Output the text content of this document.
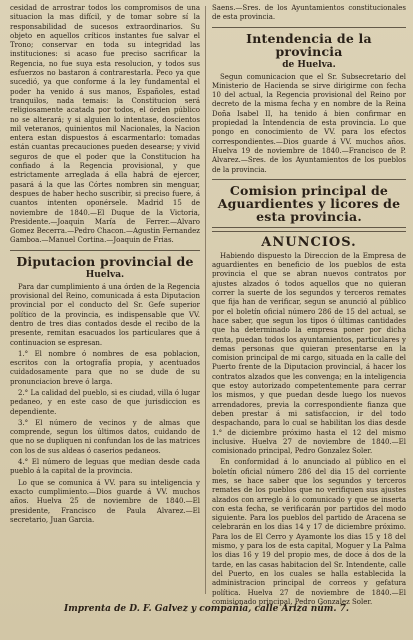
cesidad de arrostrar todos los compromisos de una situacion la mas difícil, y de tomar sobre sí la responsabilidad de sucesos extraordinarios. Su objeto en aquellos críticos instantes fue salvar el Trono; conservar en toda su integridad las instituciones: si acaso fue preciso sacrificar la Regencia, no fue suya esta resolucion, y todos sus esfuerzos no bastaron á contrarestarla. Peco ya que sucedió, ya que conforme á la ley fundamental el poder ha venido á sus manos, Españoles, estad tranquilos, nada temais: la Constitucion será religiosamente acatada por todos, el órden público no se alterará; y si alguien lo intentase, doscientos mil veteranos, quinientos mil Nacionales, la Nacion entera estan dispuestos á escarmentarlo: tomadas están cuantas precauciones pueden desearse; y vivid seguros de que el poder que la Constitucion ha confiado á la Regencia provisional, y que estrictamente arreglada á ella habrá de ejercer, pasará á la que las Córtes nombren sin menguar, despues de haber hecho suscribir, si preciso fuere, á cuantos intenten oponérsele. Madrid 15 de noviembre de 1840.—El Duque de la Victoria, Presidente.—Joaquin María de Ferrer.—Alvaro Gomez Becerra.—Pedro Chacon.—Agustin Fernandez Gamboa.—Manuel Cortina.—Joaquin de Frias.

Diputacion provincial de
Huelva.

Para dar cumplimiento á una órden de la Regencia provisional del Reino, comunicada á esta Diputacion provincial por el conducto del Sr. Gefe superior político de la provincia, es indispensable que VV. dentro de tres dias contados desde el recibo de la presente, remitan esacuados los particulares que á continuacion se espresan.

1.° El nombre ó nombres de esa poblacion, escritos con la ortografía propia, y acentuados cuidadosamente para que no se dude de su pronunciacion breve ó larga.

2.° La calidad del pueblo, si es ciudad, villa ó lugar pedaneo, y en este caso de que jurisdiccion es dependiente.

3.° El número de vecinos y de almas que comprende, segun los últimos datos, cuidando de que no se dupliquen ni confundan los de las matrices con los de sus aldeas ó caserios pedaneos.

4.° El número de leguas que median desde cada pueblo á la capital de la provincia.

Lo que se comunica á VV. para su inteligencia y exacto cumplimiento.—Dios guarde á VV. muchos años. Huelva 25 de noviembre de 1840.—El presidente, Francisco de Paula Alvarez.—El secretario, Juan Garcia.

Saens.—Sres. de los Ayuntamientos constitucionales de esta provincia.

Intendencia de la provincia
de Huelva.

Segun comunicacion que el Sr. Subsecretario del Ministerio de Hacienda se sirve dirigirme con fecha 10 del actual, la Regencia provisional del Reino por decreto de la misma fecha y en nombre de la Reina Doña Isabel II, ha tenido á bien confirmar en propiedad la Intendencia de esta provincia. Lo que pongo en conocimiento de VV. para los efectos correspondientes.—Dios guarde á VV. muchos años. Huelva 19 de noviembre de 1840.—Francisco de P. Alvarez.—Sres. de los Ayuntamientos de los pueblos de la provincia.

Comision principal de Aguardientes y licores de esta provincia.
ANUNCIOS.

Habiendo dispuesto la Direccion de la Empresa de aguardientes en beneficio de los pueblos de esta provincia el que se abran nuevos contratos por ajustes alzados ó todos aquellos que no quieran correr la suerte de los segundos y terceros remates que fija han de verificar, segun se anunció al público por el boletín oficial número 286 de 15 del actual, se hace saber, que segun los tipos ó últimas cantidades que ha determinado la empresa poner por dicha renta, puedan todos los ayuntamientos, particulares y demas personas que quieran presentarse en la comision principal de mi cargo, situada en la calle del Puerto frente de la Diputacion provincial, á hacer los contratos alzados que les convenga; en la inteligencia que estoy autorizado competentemente para cerrar los mismos, y que puedan desde luego los nuevos arrendadores, previa la correspondiente fianza que deben prestar á mi satisfaccion, ir del todo despachando, para lo cual se habilitan los dias desde 1.° de diciembre próximo hasta el 12 del mismo inclusive. Huelva 27 de noviembre de 1840.—El comisionado principal, Pedro Gonzalez Soler.

En conformidad á lo anunciado al público en el boletín oficial número 286 del dia 15 del corriente mes, se hace saber que los segundos y terceros remates de los pueblos que no verifiquen sus ajustes alzados con arreglo á lo comunicado y que se inserta con esta fecha, se verificarán por partidos del modo siguiente. Para los pueblos del partido de Aracena se celebrarán en los dias 14 y 17 de diciembre próximo. Para los de El Cerro y Ayamonte los dias 15 y 18 del mismo, y para los de esta capital, Moguer y La Palma los dias 16 y 19 del propio mes, de doce á dos de la tarde, en las casas habitacion del Sr. Intendente, calle del Puerto, en los cuales se halla establecida la administracion principal de correos y gefatura política. Huelva 27 de noviembre de 1840.—El comisionado principal, Pedro Gonzalez Soler.

Imprenta de D. F. Galvez y compañía, calle Ariza núm. 7.
